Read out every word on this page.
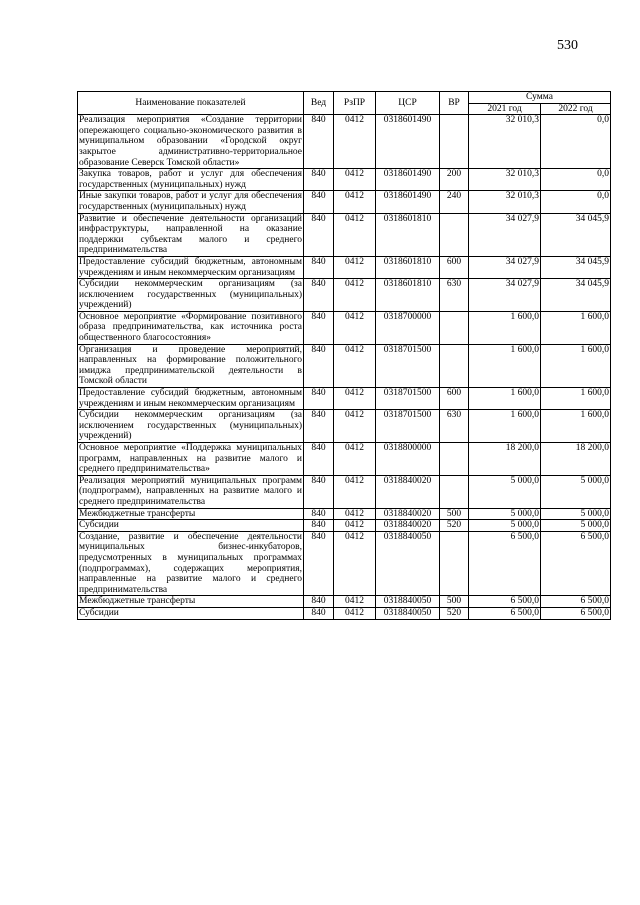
530
Наименование показателей	Вед	РзПР	ЦСР	ВР	Сумма	
					2021 год	2022 год
Реализация мероприятия «Создание территории опережающего социально-экономического развития в муниципальном образовании «Городской округ закрытое административно-территориальное образование Северск Томской области»	840	0412	0318601490		32 010,3	0,0
Закупка товаров, работ и услуг для обеспечения государственных (муниципальных) нужд	840	0412	0318601490	200	32 010,3	0,0
Иные закупки товаров, работ и услуг для обеспечения государственных (муниципальных) нужд	840	0412	0318601490	240	32 010,3	0,0
Развитие и обеспечение деятельности организаций инфраструктуры, направленной на оказание поддержки субъектам малого и среднего предпринимательства	840	0412	0318601810		34 027,9	34 045,9
Предоставление субсидий бюджетным, автономным учреждениям и иным некоммерческим организациям	840	0412	0318601810	600	34 027,9	34 045,9
Субсидии некоммерческим организациям (за исключением государственных (муниципальных) учреждений)	840	0412	0318601810	630	34 027,9	34 045,9
Основное мероприятие «Формирование позитивного образа предпринимательства, как источника роста общественного благосостояния»	840	0412	0318700000		1 600,0	1 600,0
Организация и проведение мероприятий, направленных на формирование положительного имиджа предпринимательской деятельности в Томской области	840	0412	0318701500		1 600,0	1 600,0
Предоставление субсидий бюджетным, автономным учреждениям и иным некоммерческим организациям	840	0412	0318701500	600	1 600,0	1 600,0
Субсидии некоммерческим организациям (за исключением государственных (муниципальных) учреждений)	840	0412	0318701500	630	1 600,0	1 600,0
Основное мероприятие «Поддержка муниципальных программ, направленных на развитие малого и среднего предпринимательства»	840	0412	0318800000		18 200,0	18 200,0
Реализация мероприятий муниципальных программ (подпрограмм), направленных на развитие малого и среднего предпринимательства	840	0412	0318840020		5 000,0	5 000,0
Межбюджетные трансферты	840	0412	0318840020	500	5 000,0	5 000,0
Субсидии	840	0412	0318840020	520	5 000,0	5 000,0
Создание, развитие и обеспечение деятельности муниципальных бизнес-инкубаторов, предусмотренных в муниципальных программах (подпрограммах), содержащих мероприятия, направленные на развитие малого и среднего предпринимательства	840	0412	0318840050		6 500,0	6 500,0
Межбюджетные трансферты	840	0412	0318840050	500	6 500,0	6 500,0
Субсидии	840	0412	0318840050	520	6 500,0	6 500,0
